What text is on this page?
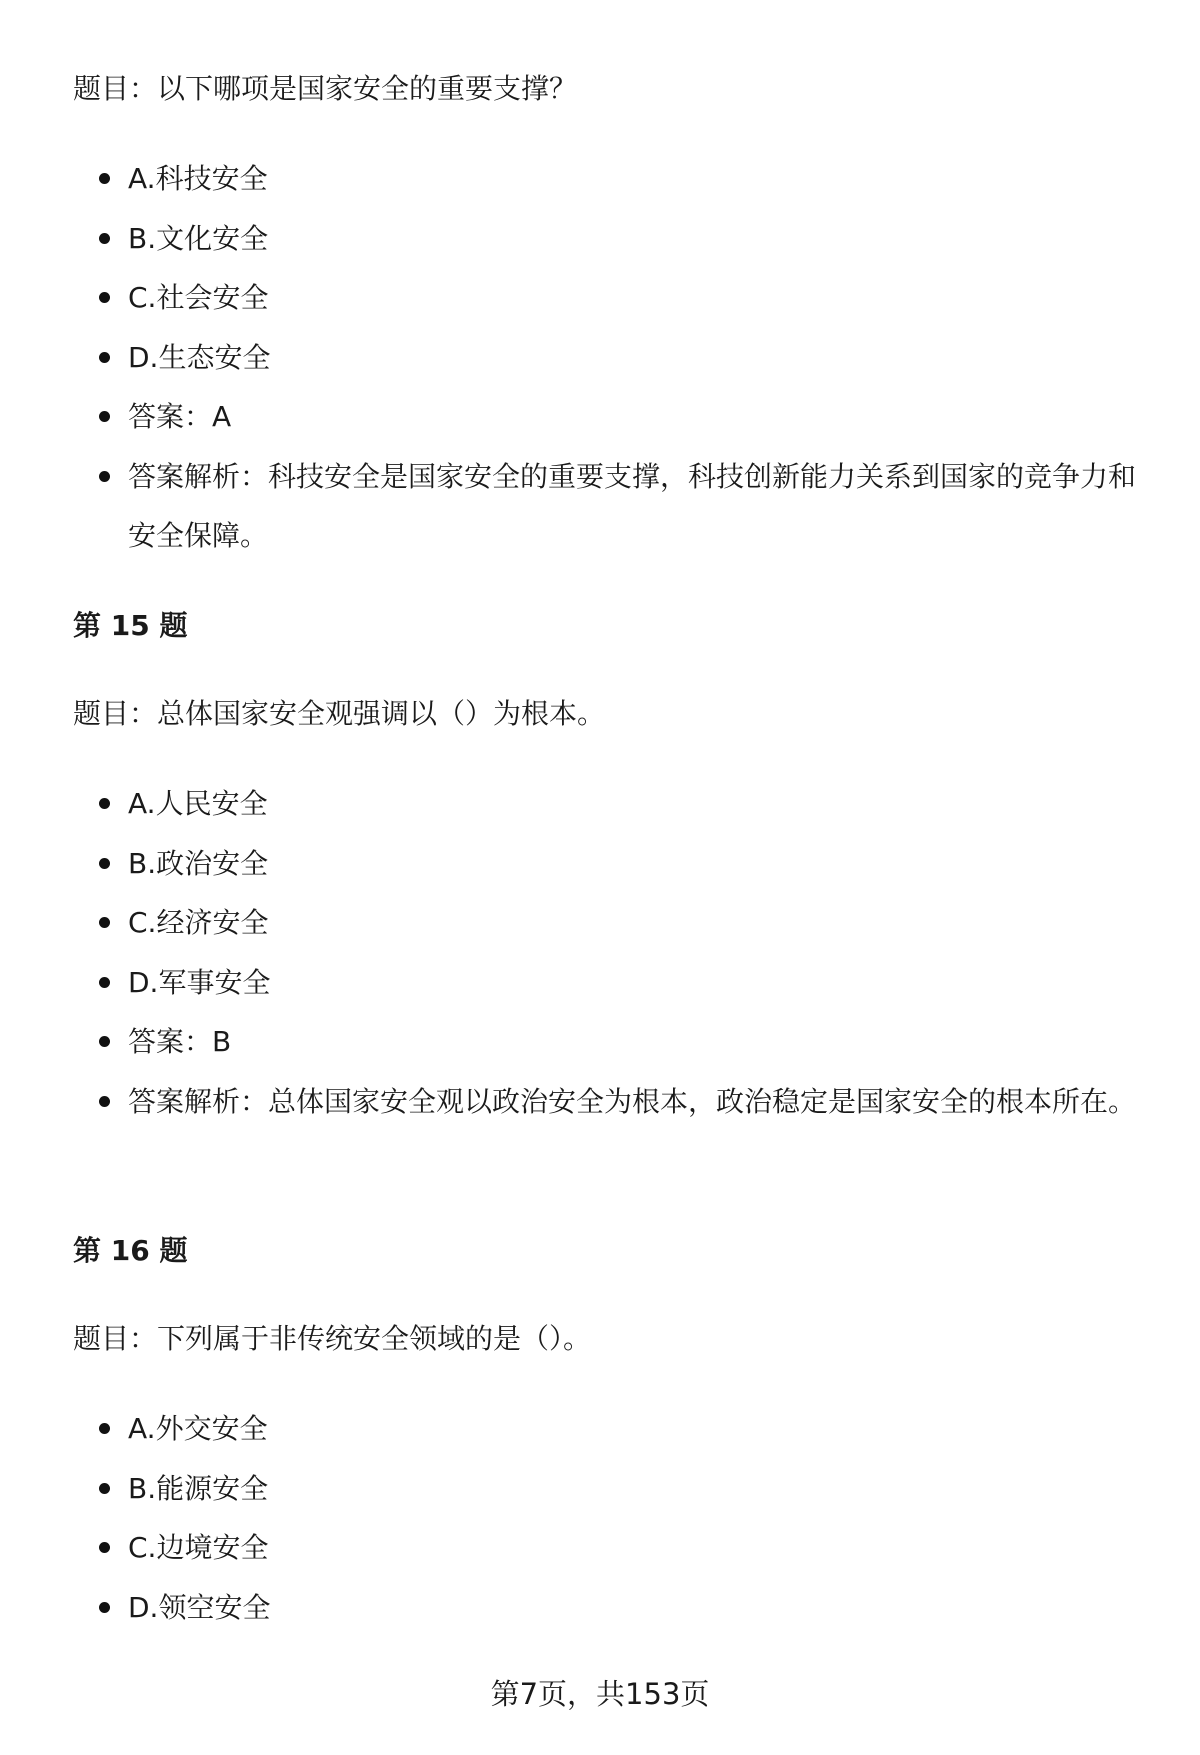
题目：以下哪项是国家安全的重要支撑？

A.科技安全
B.文化安全
C.社会安全
D.生态安全
答案：A
答案解析：科技安全是国家安全的重要支撑，科技创新能力关系到国家的竞争力和安全保障。
第 15 题

题目：总体国家安全观强调以（）为根本。

A.人民安全
B.政治安全
C.经济安全
D.军事安全
答案：B
答案解析：总体国家安全观以政治安全为根本，政治稳定是国家安全的根本所在。
第 16 题

题目：下列属于非传统安全领域的是（）。

A.外交安全
B.能源安全
C.边境安全
D.领空安全
第7页，共153页
